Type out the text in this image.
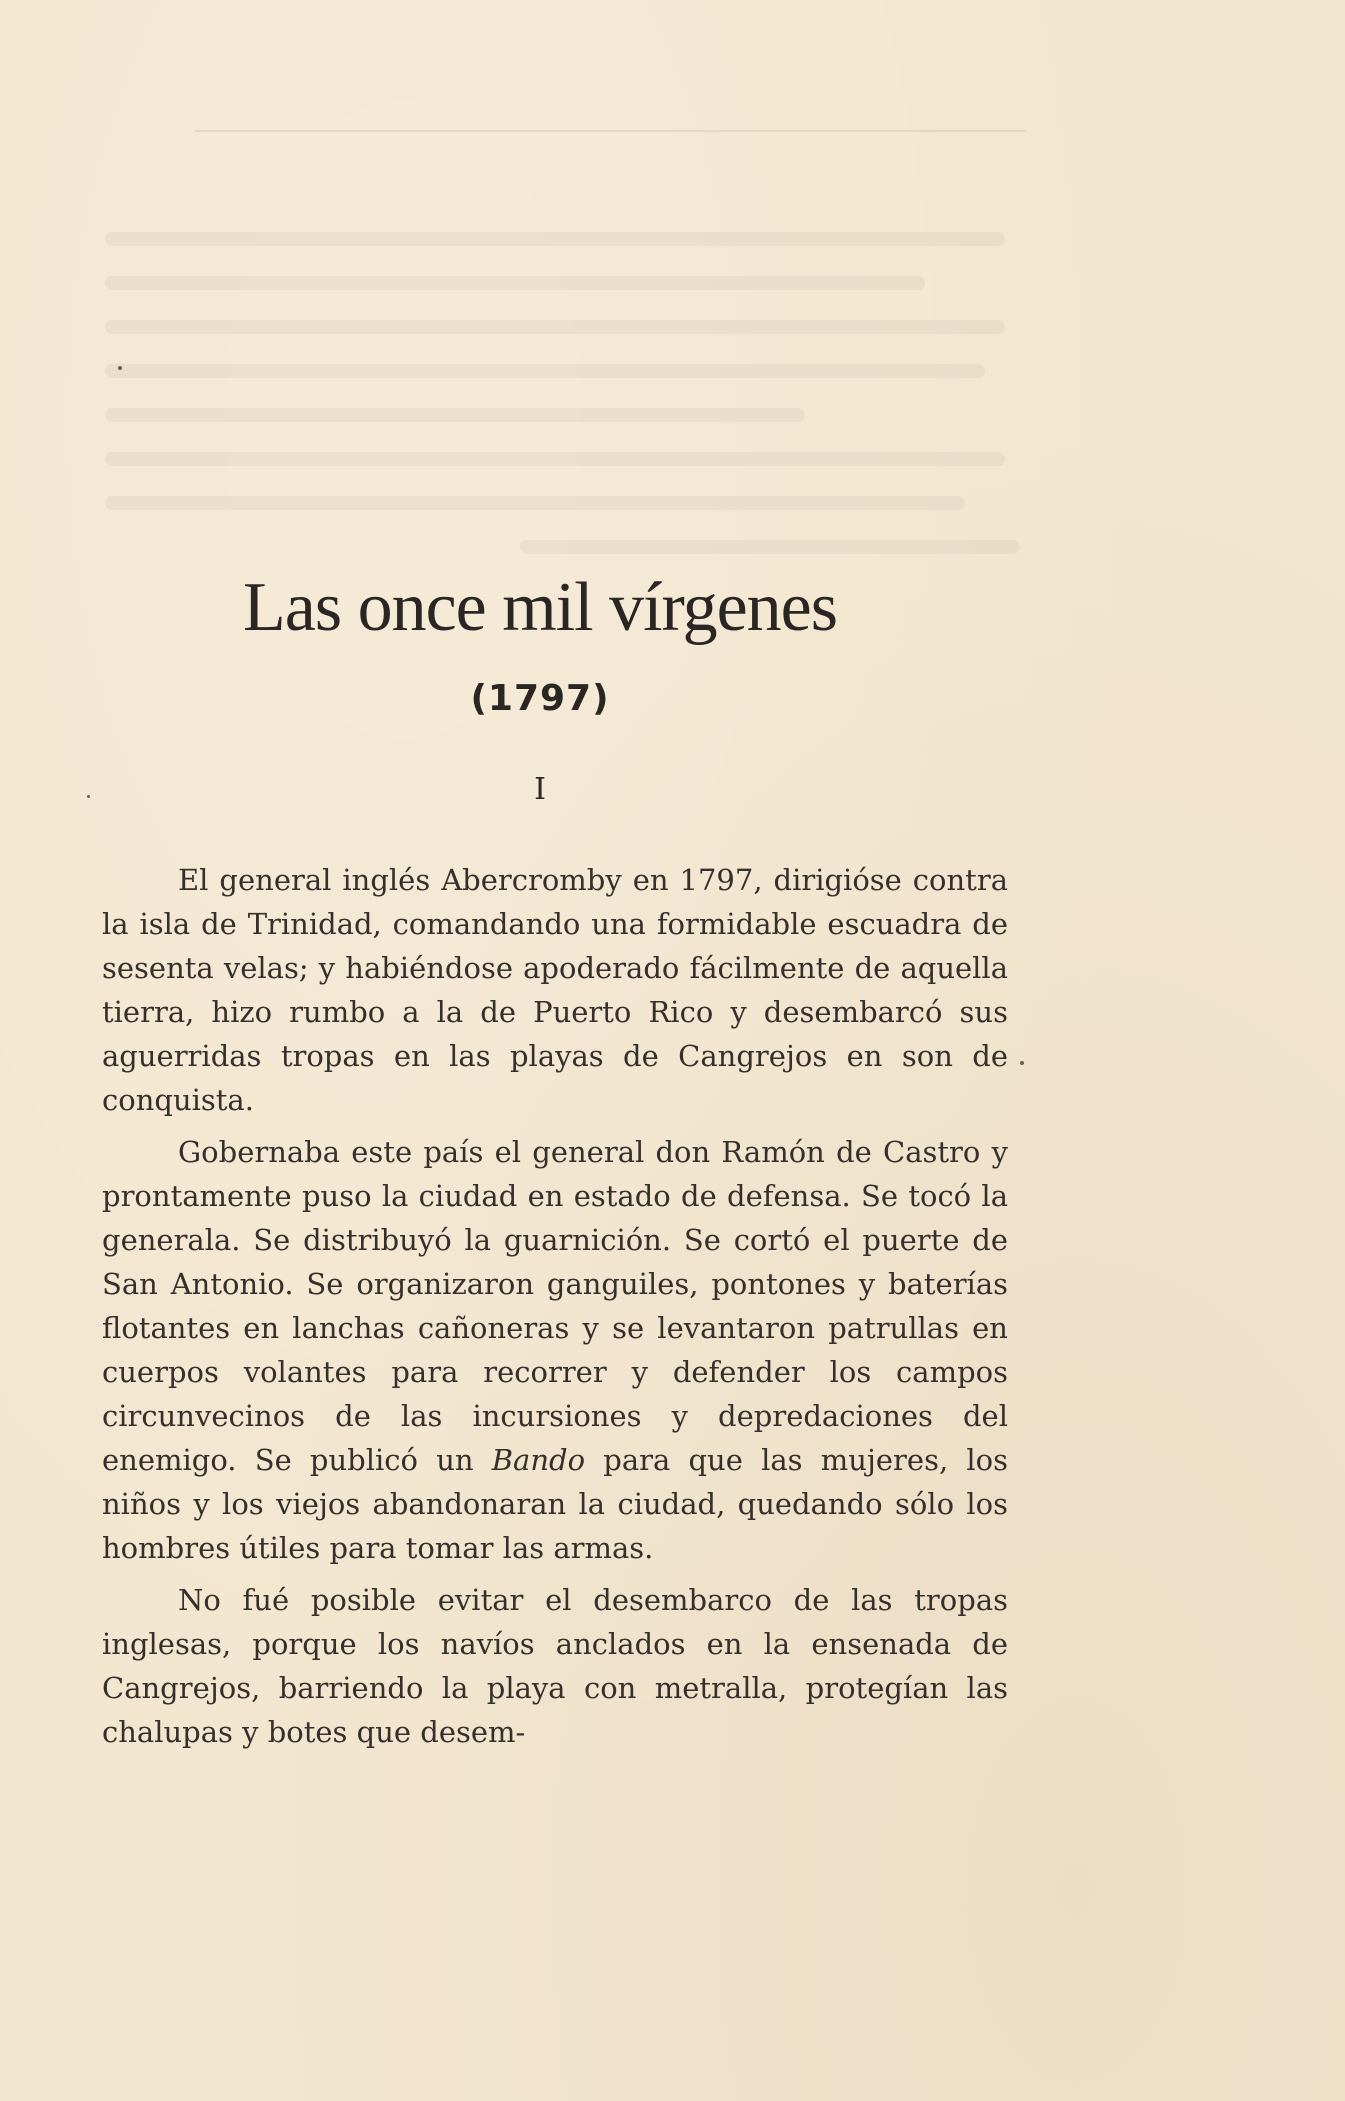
Las once mil vírgenes
(1797)
I

El general inglés Abercromby en 1797, dirigióse contra la isla de Trinidad, comandando una formidable escuadra de sesenta velas; y habiéndose apoderado fácilmente de aquella tierra, hizo rumbo a la de Puerto Rico y desembarcó sus aguerridas tropas en las playas de Cangrejos en son de conquista.

Gobernaba este país el general don Ramón de Castro y prontamente puso la ciudad en estado de defensa. Se tocó la generala. Se distribuyó la guarnición. Se cortó el puerte de San Antonio. Se organizaron ganguiles, pontones y baterías flotantes en lanchas cañoneras y se levantaron patrullas en cuerpos volantes para recorrer y defender los campos circunvecinos de las incursiones y depredaciones del enemigo. Se publicó un Bando para que las mujeres, los niños y los viejos abandonaran la ciudad, quedando sólo los hombres útiles para tomar las armas.

No fué posible evitar el desembarco de las tropas inglesas, porque los navíos anclados en la ensenada de Cangrejos, barriendo la playa con metralla, protegían las chalupas y botes que desem-
